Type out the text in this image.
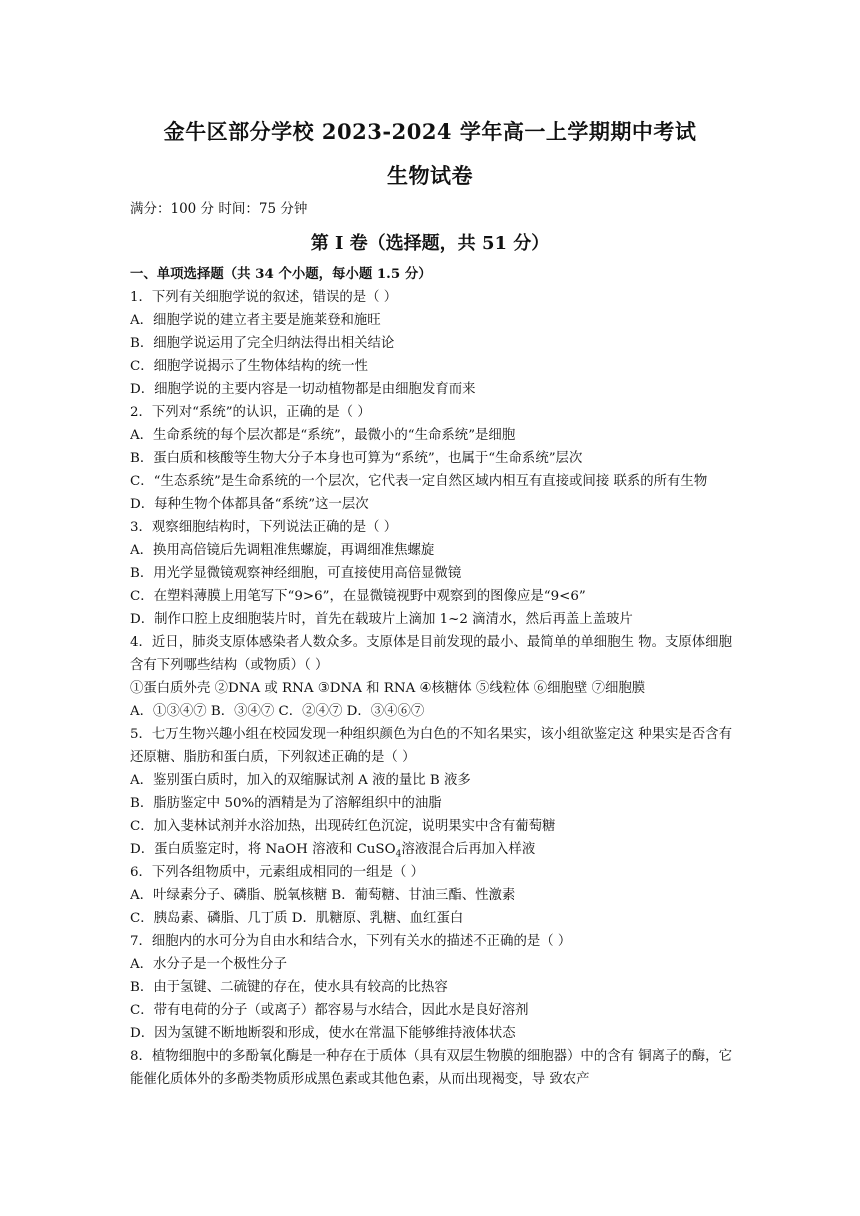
金牛区部分学校 2023-2024 学年高一上学期期中考试
生物试卷
满分：100 分 时间：75 分钟
第 I 卷（选择题，共 51 分）
一、单项选择题（共 34 个小题，每小题 1.5 分）
1．下列有关细胞学说的叙述，错误的是（ ）
A．细胞学说的建立者主要是施莱登和施旺
B．细胞学说运用了完全归纳法得出相关结论
C．细胞学说揭示了生物体结构的统一性
D．细胞学说的主要内容是一切动植物都是由细胞发育而来
2．下列对“系统”的认识，正确的是（ ）
A．生命系统的每个层次都是“系统”，最微小的“生命系统”是细胞
B．蛋白质和核酸等生物大分子本身也可算为“系统”，也属于“生命系统”层次
C．“生态系统”是生命系统的一个层次，它代表一定自然区域内相互有直接或间接 联系的所有生物
D．每种生物个体都具备“系统”这一层次
3．观察细胞结构时，下列说法正确的是（ ）
A．换用高倍镜后先调粗准焦螺旋，再调细准焦螺旋
B．用光学显微镜观察神经细胞，可直接使用高倍显微镜
C．在塑料薄膜上用笔写下“9>6”，在显微镜视野中观察到的图像应是“9<6”
D．制作口腔上皮细胞装片时，首先在载玻片上滴加 1~2 滴清水，然后再盖上盖玻片
4．近日，肺炎支原体感染者人数众多。支原体是目前发现的最小、最简单的单细胞生 物。支原体细胞含有下列哪些结构（或物质）（ ）
①蛋白质外壳 ②DNA 或 RNA ③DNA 和 RNA ④核糖体 ⑤线粒体 ⑥细胞壁 ⑦细胞膜
A．①③④⑦ B．③④⑦ C．②④⑦ D．③④⑥⑦
5．七万生物兴趣小组在校园发现一种组织颜色为白色的不知名果实，该小组欲鉴定这 种果实是否含有还原糖、脂肪和蛋白质，下列叙述正确的是（ ）
A．鉴别蛋白质时，加入的双缩脲试剂 A 液的量比 B 液多
B．脂肪鉴定中 50%的酒精是为了溶解组织中的油脂
C．加入斐林试剂并水浴加热，出现砖红色沉淀，说明果实中含有葡萄糖
D．蛋白质鉴定时，将 NaOH 溶液和 CuSO$_4$溶液混合后再加入样液
6．下列各组物质中，元素组成相同的一组是（ ）
A．叶绿素分子、磷脂、脱氧核糖 B．葡萄糖、甘油三酯、性激素
C．胰岛素、磷脂、几丁质 D．肌糖原、乳糖、血红蛋白
7．细胞内的水可分为自由水和结合水，下列有关水的描述不正确的是（ ）
A．水分子是一个极性分子
B．由于氢键、二硫键的存在，使水具有较高的比热容
C．带有电荷的分子（或离子）都容易与水结合，因此水是良好溶剂
D．因为氢键不断地断裂和形成，使水在常温下能够维持液体状态
8．植物细胞中的多酚氧化酶是一种存在于质体（具有双层生物膜的细胞器）中的含有 铜离子的酶，它能催化质体外的多酚类物质形成黑色素或其他色素，从而出现褐变，导 致农产
